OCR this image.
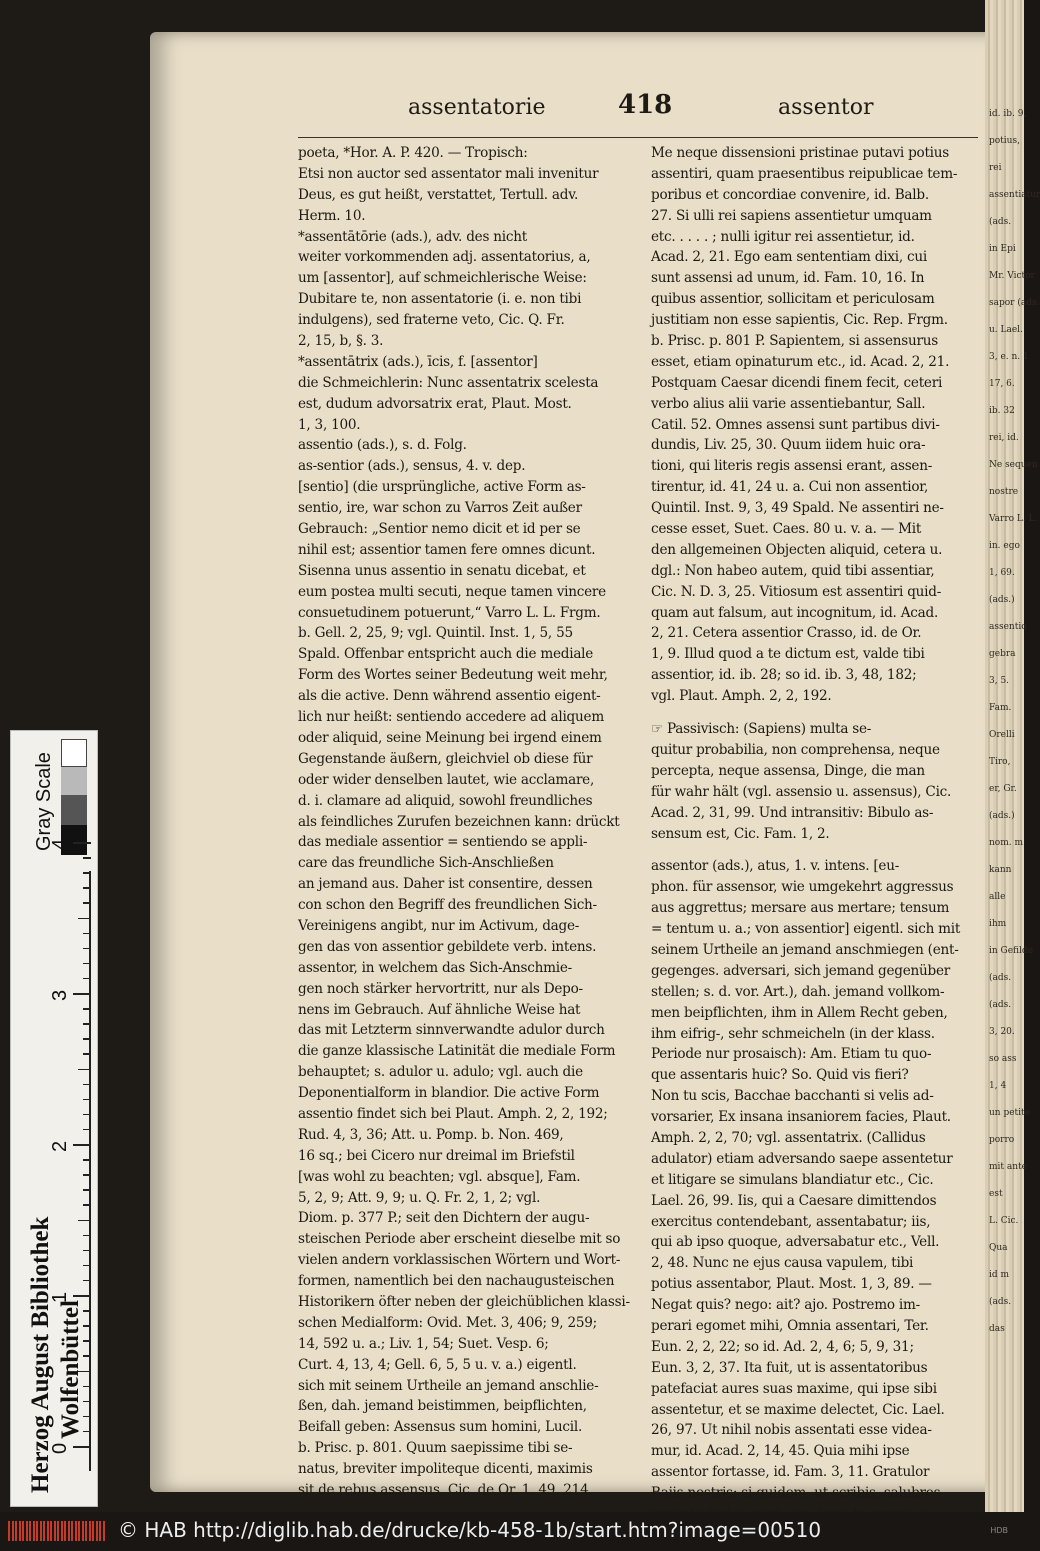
id. ib. 9,
potius,
rei
assentiatur
(ads.
in Epi
Mr. Victor
sapor (ads.
u. Lael.
3, e. n. 1
17, 6.
ib. 32
rei, id.
Ne sequen
nostre
Varro L. L.
in. ego
1, 69.
(ads.)
assentio
gebra
3, 5.
Fam.
Orelli
Tiro,
er, Gr.
(ads.)
nom. m
kann
alle
ihm
in Gefilde
(ads.
(ads.
3, 20.
so ass
1, 4
un petite
porro
mit ante
est
L. Cic.
Qua
id m
(ads.
das
assentatorie	418	assentor
poeta, *Hor. A. P. 420. — Tropisch:
Etsi non auctor sed assentator mali invenitur
Deus, es gut heißt, verstattet, Tertull. adv.
Herm. 10.
*assentātōrie (ads.), adv. des nicht
weiter vorkommenden adj. assentatorius, a,
um [assentor], auf schmeichlerische Weise:
Dubitare te, non assentatorie (i. e. non tibi
indulgens), sed fraterne veto, Cic. Q. Fr.
2, 15, b, §. 3.
*assentātrix (ads.), īcis, f. [assentor]
die Schmeichlerin: Nunc assentatrix scelesta
est, dudum advorsatrix erat, Plaut. Most.
1, 3, 100.
assentio (ads.), s. d. Folg.
as-sentior (ads.), sensus, 4. v. dep.
[sentio] (die ursprüngliche, active Form as-
sentio, ire, war schon zu Varros Zeit außer
Gebrauch: „Sentior nemo dicit et id per se
nihil est; assentior tamen fere omnes dicunt.
Sisenna unus assentio in senatu dicebat, et
eum postea multi secuti, neque tamen vincere
consuetudinem potuerunt,“ Varro L. L. Frgm.
b. Gell. 2, 25, 9; vgl. Quintil. Inst. 1, 5, 55
Spald. Offenbar entspricht auch die mediale
Form des Wortes seiner Bedeutung weit mehr,
als die active. Denn während assentio eigent-
lich nur heißt: sentiendo accedere ad aliquem
oder aliquid, seine Meinung bei irgend einem
Gegenstande äußern, gleichviel ob diese für
oder wider denselben lautet, wie acclamare,
d. i. clamare ad aliquid, sowohl freundliches
als feindliches Zurufen bezeichnen kann: drückt
das mediale assentior = sentiendo se appli-
care das freundliche Sich-Anschließen
an jemand aus. Daher ist consentire, dessen
con schon den Begriff des freundlichen Sich-
Vereinigens angibt, nur im Activum, dage-
gen das von assentior gebildete verb. intens.
assentor, in welchem das Sich-Anschmie-
gen noch stärker hervortritt, nur als Depo-
nens im Gebrauch. Auf ähnliche Weise hat
das mit Letzterm sinnverwandte adulor durch
die ganze klassische Latinität die mediale Form
behauptet; s. adulor u. adulo; vgl. auch die
Deponentialform in blandior. Die active Form
assentio findet sich bei Plaut. Amph. 2, 2, 192;
Rud. 4, 3, 36; Att. u. Pomp. b. Non. 469,
16 sq.; bei Cicero nur dreimal im Briefstil
[was wohl zu beachten; vgl. absque], Fam.
5, 2, 9; Att. 9, 9; u. Q. Fr. 2, 1, 2; vgl.
Diom. p. 377 P.; seit den Dichtern der augu-
steischen Periode aber erscheint dieselbe mit so
vielen andern vorklassischen Wörtern und Wort-
formen, namentlich bei den nachaugusteischen
Historikern öfter neben der gleichüblichen klassi-
schen Medialform: Ovid. Met. 3, 406; 9, 259;
14, 592 u. a.; Liv. 1, 54; Suet. Vesp. 6;
Curt. 4, 13, 4; Gell. 6, 5, 5 u. v. a.) eigentl.
sich mit seinem Urtheile an jemand anschlie-
ßen, dah. jemand beistimmen, beipflichten,
Beifall geben: Assensus sum homini, Lucil.
b. Prisc. p. 801. Quum saepissime tibi se-
natus, breviter impoliteque dicenti, maximis
sit de rebus assensus, Cic. de Or. 1, 49, 214.
Me neque dissensioni pristinae putavi potius
assentiri, quam praesentibus reipublicae tem-
poribus et concordiae convenire, id. Balb.
27. Si ulli rei sapiens assentietur umquam
etc. . . . . ; nulli igitur rei assentietur, id.
Acad. 2, 21. Ego eam sententiam dixi, cui
sunt assensi ad unum, id. Fam. 10, 16. In
quibus assentior, sollicitam et periculosam
justitiam non esse sapientis, Cic. Rep. Frgm.
b. Prisc. p. 801 P. Sapientem, si assensurus
esset, etiam opinaturum etc., id. Acad. 2, 21.
Postquam Caesar dicendi finem fecit, ceteri
verbo alius alii varie assentiebantur, Sall.
Catil. 52. Omnes assensi sunt partibus divi-
dundis, Liv. 25, 30. Quum iidem huic ora-
tioni, qui literis regis assensi erant, assen-
tirentur, id. 41, 24 u. a. Cui non assentior,
Quintil. Inst. 9, 3, 49 Spald. Ne assentiri ne-
cesse esset, Suet. Caes. 80 u. v. a. — Mit
den allgemeinen Objecten aliquid, cetera u.
dgl.: Non habeo autem, quid tibi assentiar,
Cic. N. D. 3, 25. Vitiosum est assentiri quid-
quam aut falsum, aut incognitum, id. Acad.
2, 21. Cetera assentior Crasso, id. de Or.
1, 9. Illud quod a te dictum est, valde tibi
assentior, id. ib. 28; so id. ib. 3, 48, 182;
vgl. Plaut. Amph. 2, 2, 192.
☞ Passivisch: (Sapiens) multa se-
quitur probabilia, non comprehensa, neque
percepta, neque assensa, Dinge, die man
für wahr hält (vgl. assensio u. assensus), Cic.
Acad. 2, 31, 99. Und intransitiv: Bibulo as-
sensum est, Cic. Fam. 1, 2.
assentor (ads.), atus, 1. v. intens. [eu-
phon. für assensor, wie umgekehrt aggressus
aus aggrettus; mersare aus mertare; tensum
= tentum u. a.; von assentior] eigentl. sich mit
seinem Urtheile an jemand anschmiegen (ent-
gegenges. adversari, sich jemand gegenüber
stellen; s. d. vor. Art.), dah. jemand vollkom-
men beipflichten, ihm in Allem Recht geben,
ihm eifrig-, sehr schmeicheln (in der klass.
Periode nur prosaisch): Am. Etiam tu quo-
que assentaris huic? So. Quid vis fieri?
Non tu scis, Bacchae bacchanti si velis ad-
vorsarier, Ex insana insaniorem facies, Plaut.
Amph. 2, 2, 70; vgl. assentatrix. (Callidus
adulator) etiam adversando saepe assentetur
et litigare se simulans blandiatur etc., Cic.
Lael. 26, 99. Iis, qui a Caesare dimittendos
exercitus contendebant, assentabatur; iis,
qui ab ipso quoque, adversabatur etc., Vell.
2, 48. Nunc ne ejus causa vapulem, tibi
potius assentabor, Plaut. Most. 1, 3, 89. —
Negat quis? nego: ait? ajo. Postremo im-
perari egomet mihi, Omnia assentari, Ter.
Eun. 2, 2, 22; so id. Ad. 2, 4, 6; 5, 9, 31;
Eun. 3, 2, 37. Ita fuit, ut is assentatoribus
patefaciat aures suas maxime, qui ipse sibi
assentetur, et se maxime delectet, Cic. Lael.
26, 97. Ut nihil nobis assentati esse videa-
mur, id. Acad. 2, 14, 45. Quia mihi ipse
assentor fortasse, id. Fam. 3, 11. Gratulor
Bajis nostris; si quidem, ut scribis, salubres
Gray Scale
0
1
2
3
4
Herzog August Bibliothek Wolfenbüttel
© HAB http://diglib.hab.de/drucke/kb-458-1b/start.htm?image=00510	HDB
